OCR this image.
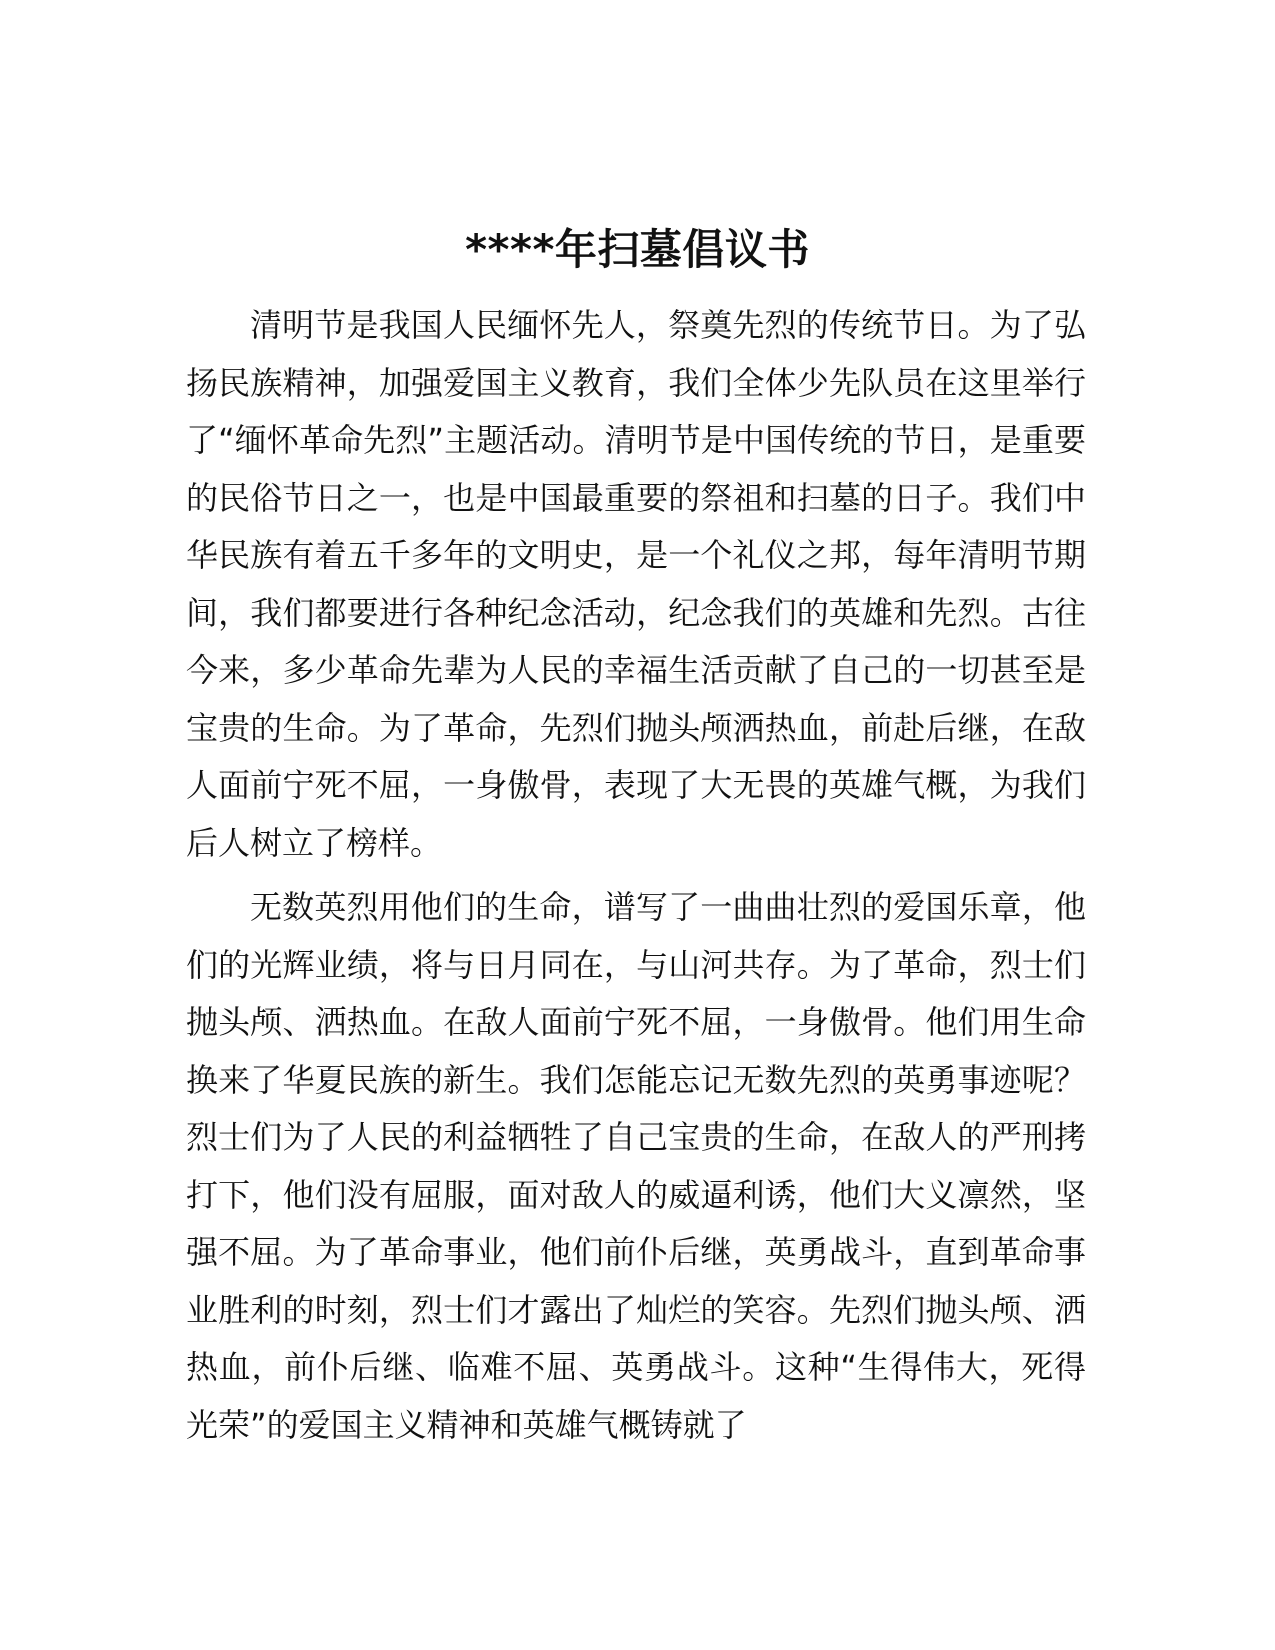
****年扫墓倡议书

清明节是我国人民缅怀先人，祭奠先烈的传统节日。为了弘扬民族精神，加强爱国主义教育，我们全体少先队员在这里举行了“缅怀革命先烈”主题活动。清明节是中国传统的节日，是重要的民俗节日之一，也是中国最重要的祭祖和扫墓的日子。我们中华民族有着五千多年的文明史，是一个礼仪之邦，每年清明节期间，我们都要进行各种纪念活动，纪念我们的英雄和先烈。古往今来，多少革命先辈为人民的幸福生活贡献了自己的一切甚至是宝贵的生命。为了革命，先烈们抛头颅洒热血，前赴后继，在敌人面前宁死不屈，一身傲骨，表现了大无畏的英雄气概，为我们后人树立了榜样。

无数英烈用他们的生命，谱写了一曲曲壮烈的爱国乐章，他们的光辉业绩，将与日月同在，与山河共存。为了革命，烈士们抛头颅、洒热血。在敌人面前宁死不屈，一身傲骨。他们用生命换来了华夏民族的新生。我们怎能忘记无数先烈的英勇事迹呢？烈士们为了人民的利益牺牲了自己宝贵的生命，在敌人的严刑拷打下，他们没有屈服，面对敌人的威逼利诱，他们大义凛然，坚强不屈。为了革命事业，他们前仆后继，英勇战斗，直到革命事业胜利的时刻，烈士们才露出了灿烂的笑容。先烈们抛头颅、洒热血，前仆后继、临难不屈、英勇战斗。这种“生得伟大，死得光荣”的爱国主义精神和英雄气概铸就了
